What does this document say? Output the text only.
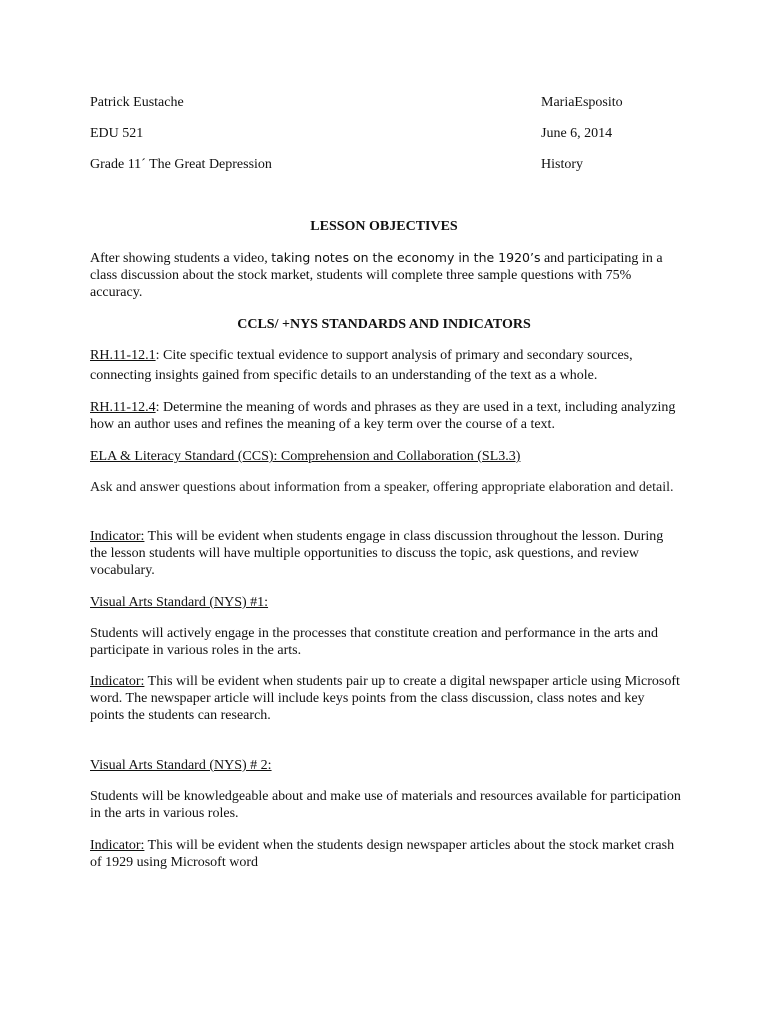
Patrick Eustache
EDU 521
Grade 11´ The Great Depression
MariaEsposito
June 6, 2014
History
LESSON OBJECTIVES

After showing students a video, taking notes on the economy in the 1920’s and participating in a class discussion about the stock market, students will complete three sample questions with 75% accuracy.

CCLS/ +NYS STANDARDS AND INDICATORS

RH.11-12.1: Cite specific textual evidence to support analysis of primary and secondary sources, connecting insights gained from specific details to an understanding of the text as a whole.

RH.11-12.4: Determine the meaning of words and phrases as they are used in a text, including analyzing how an author uses and refines the meaning of a key term over the course of a text.

ELA & Literacy Standard (CCS): Comprehension and Collaboration (SL3.3)

Ask and answer questions about information from a speaker, offering appropriate elaboration and detail.

Indicator: This will be evident when students engage in class discussion throughout the lesson. During the lesson students will have multiple opportunities to discuss the topic, ask questions, and review vocabulary.

Visual Arts Standard (NYS) #1:

Students will actively engage in the processes that constitute creation and performance in the arts and participate in various roles in the arts.

Indicator: This will be evident when students pair up to create a digital newspaper article using Microsoft word. The newspaper article will include keys points from the class discussion, class notes and key points the students can research.

Visual Arts Standard (NYS) # 2:

Students will be knowledgeable about and make use of materials and resources available for participation in the arts in various roles.

Indicator: This will be evident when the students design newspaper articles about the stock market crash of 1929 using Microsoft word
